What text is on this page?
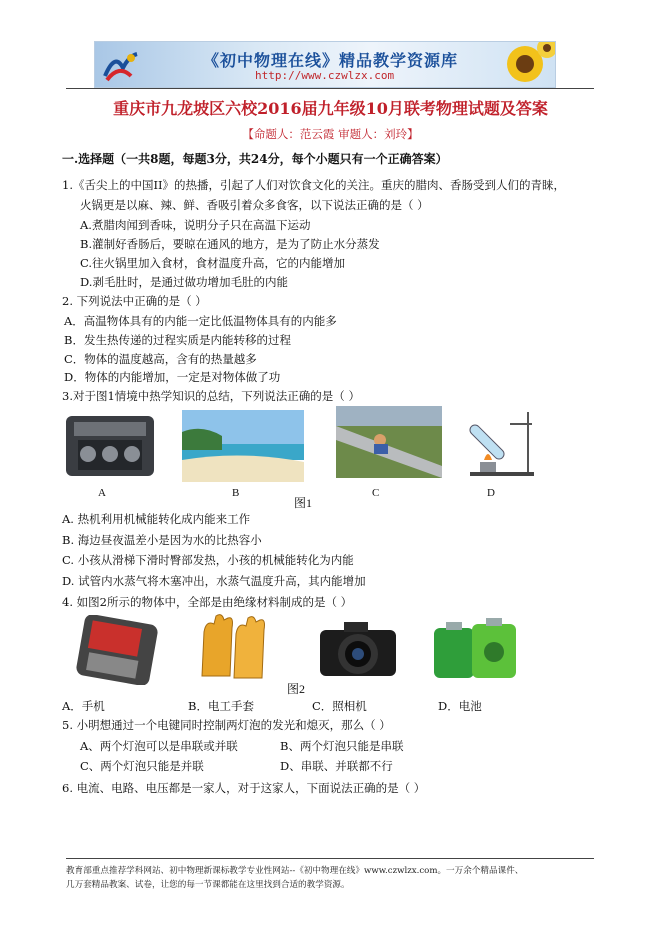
《初中物理在线》精品教学资源库
http://www.czwlzx.com
重庆市九龙坡区六校2016届九年级10月联考物理试题及答案
【命题人：范云霞 审题人：刘玲】
一.选择题（一共8题，每题3分，共24分，每个小题只有一个正确答案）
1.《舌尖上的中国II》的热播，引起了人们对饮食文化的关注。重庆的腊肉、香肠受到人们的青睐，
火锅更是以麻、辣、鲜、香吸引着众多食客，以下说法正确的是（ ）
A.煮腊肉闻到香味，说明分子只在高温下运动
B.灌制好香肠后，要晾在通风的地方，是为了防止水分蒸发
C.往火锅里加入食材，食材温度升高，它的内能增加
D.剥毛肚时，是通过做功增加毛肚的内能
2. 下列说法中正确的是（ ）
A．高温物体具有的内能一定比低温物体具有的内能多
B．发生热传递的过程实质是内能转移的过程
C．物体的温度越高，含有的热量越多
D．物体的内能增加，一定是对物体做了功
3.对于图1情境中热学知识的总结，下列说法正确的是（ ）
A	B	C	D
图1
A. 热机利用机械能转化成内能来工作
B. 海边昼夜温差小是因为水的比热容小
C. 小孩从滑梯下滑时臀部发热，小孩的机械能转化为内能
D. 试管内水蒸气将木塞冲出，水蒸气温度升高，其内能增加
4. 如图2所示的物体中，全部是由绝缘材料制成的是（ ）
图2
A．手机	B．电工手套	C．照相机	D．电池
5. 小明想通过一个电键同时控制两灯泡的发光和熄灭，那么（ ）
A、两个灯泡可以是串联或并联	B、两个灯泡只能是串联
C、两个灯泡只能是并联	D、串联、并联都不行
6. 电流、电路、电压都是一家人，对于这家人，下面说法正确的是（ ）
教育部重点推荐学科网站、初中物理新课标教学专业性网站--《初中物理在线》www.czwlzx.com。一万余个精品课件、
几万套精品教案、试卷，让您的每一节课都能在这里找到合适的教学资源。
